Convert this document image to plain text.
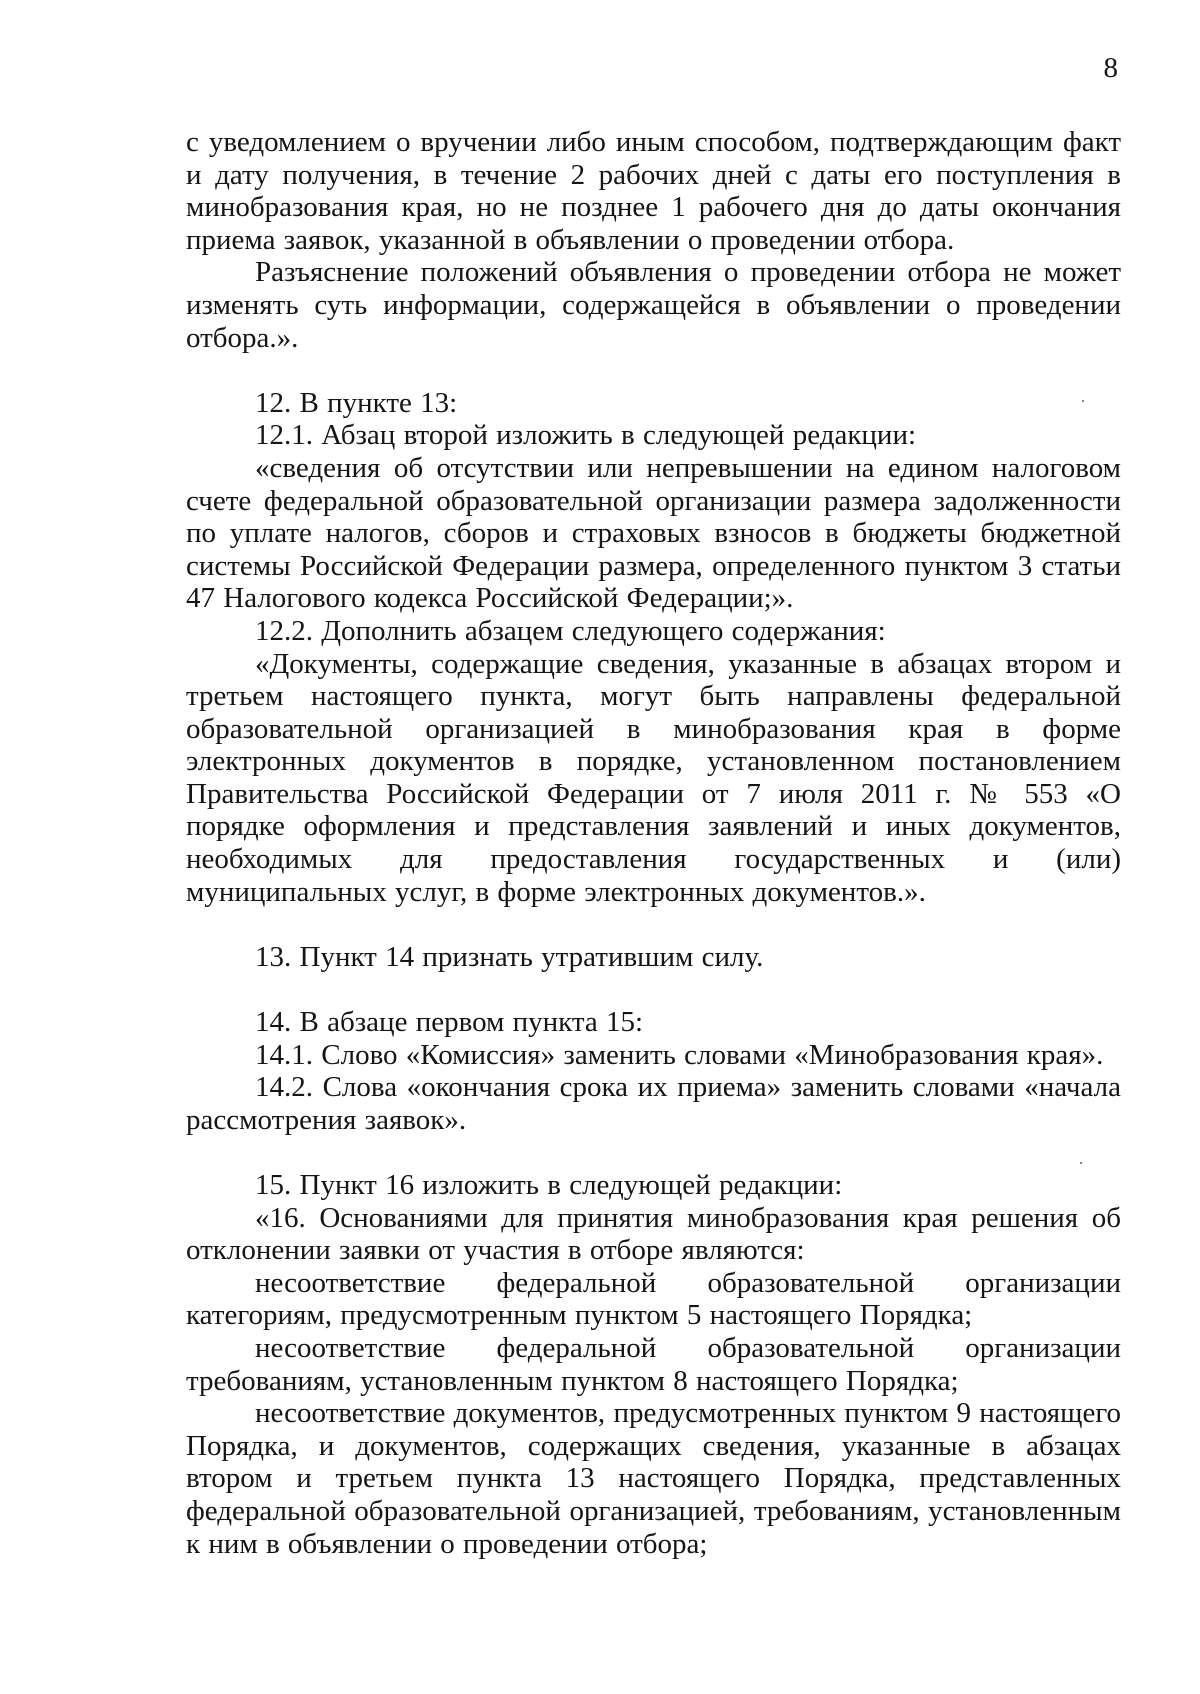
8

с уведомлением о вручении либо иным способом, подтверждающим факт и дату получения, в течение 2 рабочих дней с даты его поступления в минобразования края, но не позднее 1 рабочего дня до даты окончания приема заявок, указанной в объявлении о проведении отбора.

Разъяснение положений объявления о проведении отбора не может изменять суть информации, содержащейся в объявлении о проведении отбора.».

12. В пункте 13:

12.1. Абзац второй изложить в следующей редакции:

«сведения об отсутствии или непревышении на едином налоговом счете федеральной образовательной организации размера задолженности по уплате налогов, сборов и страховых взносов в бюджеты бюджетной системы Российской Федерации размера, определенного пунктом 3 статьи 47 Налогового кодекса Российской Федерации;».

12.2. Дополнить абзацем следующего содержания:

«Документы, содержащие сведения, указанные в абзацах втором и третьем настоящего пункта, могут быть направлены федеральной образовательной организацией в минобразования края в форме электронных документов в порядке, установленном постановлением Правительства Российской Федерации от 7 июля 2011 г. № 553 «О порядке оформления и представления заявлений и иных документов, необходимых для предоставления государственных и (или) муниципальных услуг, в форме электронных документов.».

13. Пункт 14 признать утратившим силу.

14. В абзаце первом пункта 15:

14.1. Слово «Комиссия» заменить словами «Минобразования края».

14.2. Слова «окончания срока их приема» заменить словами «начала рассмотрения заявок».

15. Пункт 16 изложить в следующей редакции:

«16. Основаниями для принятия минобразования края решения об отклонении заявки от участия в отборе являются:

несоответствие федеральной образовательной организации категориям, предусмотренным пунктом 5 настоящего Порядка;

несоответствие федеральной образовательной организации требованиям, установленным пунктом 8 настоящего Порядка;

несоответствие документов, предусмотренных пунктом 9 настоящего Порядка, и документов, содержащих сведения, указанные в абзацах втором и третьем пункта 13 настоящего Порядка, представленных федеральной образовательной организацией, требованиям, установленным к ним в объявлении о проведении отбора;
